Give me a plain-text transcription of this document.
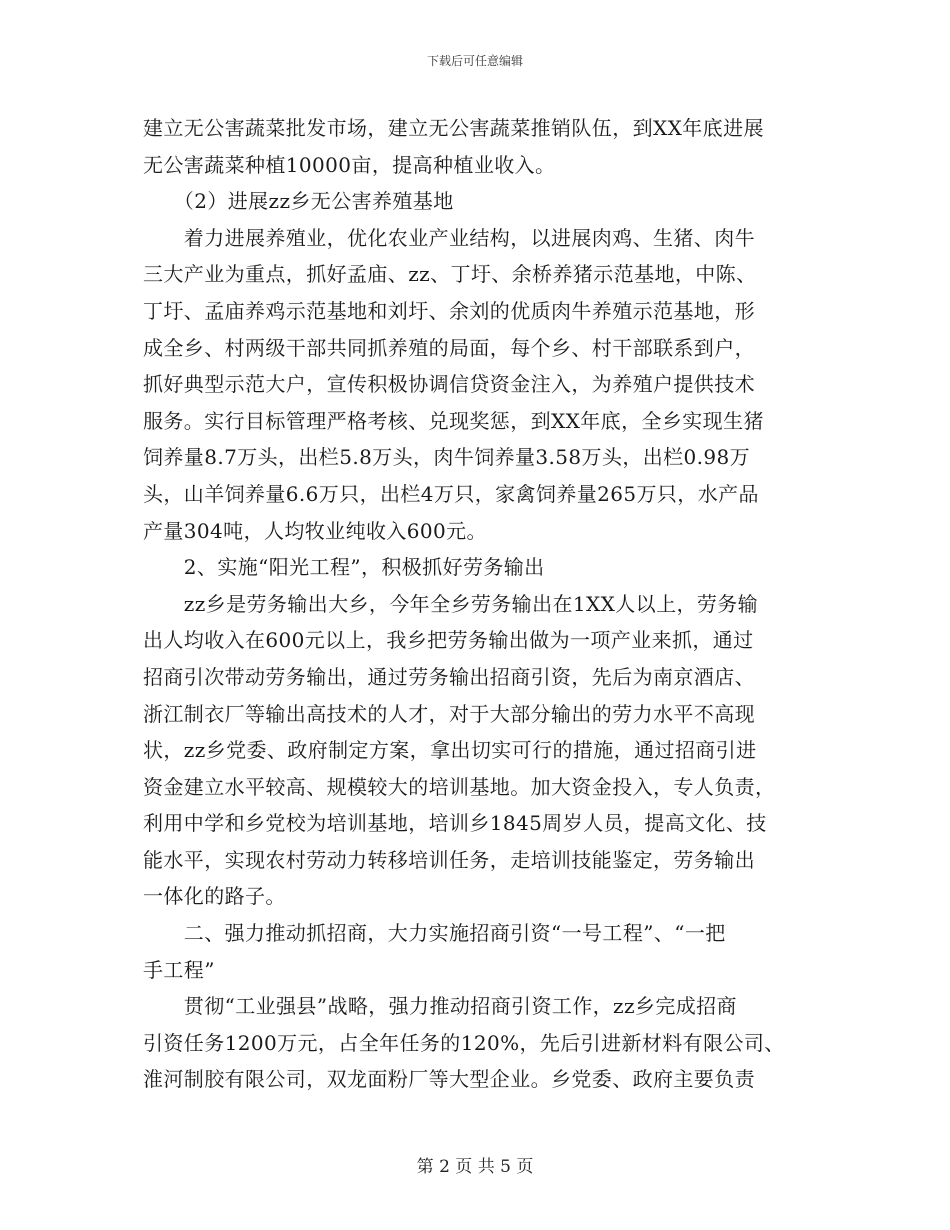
下载后可任意编辑

建立无公害蔬菜批发市场，建立无公害蔬菜推销队伍，到XX年底进展
无公害蔬菜种植10000亩，提高种植业收入。
　　（2）进展zz乡无公害养殖基地
　　着力进展养殖业，优化农业产业结构，以进展肉鸡、生猪、肉牛
三大产业为重点，抓好孟庙、zz、丁圩、余桥养猪示范基地，中陈、
丁圩、孟庙养鸡示范基地和刘圩、余刘的优质肉牛养殖示范基地，形
成全乡、村两级干部共同抓养殖的局面，每个乡、村干部联系到户，
抓好典型示范大户，宣传积极协调信贷资金注入，为养殖户提供技术
服务。实行目标管理严格考核、兑现奖惩，到XX年底，全乡实现生猪
饲养量8.7万头，出栏5.8万头，肉牛饲养量3.58万头，出栏0.98万
头，山羊饲养量6.6万只，出栏4万只，家禽饲养量265万只，水产品
产量304吨，人均牧业纯收入600元。
　　2、实施“阳光工程”，积极抓好劳务输出
　　zz乡是劳务输出大乡，今年全乡劳务输出在1XX人以上，劳务输
出人均收入在600元以上，我乡把劳务输出做为一项产业来抓，通过
招商引次带动劳务输出，通过劳务输出招商引资，先后为南京酒店、
浙江制衣厂等输出高技术的人才，对于大部分输出的劳力水平不高现
状，zz乡党委、政府制定方案，拿出切实可行的措施，通过招商引进
资金建立水平较高、规模较大的培训基地。加大资金投入，专人负责，
利用中学和乡党校为培训基地，培训乡1845周岁人员，提高文化、技
能水平，实现农村劳动力转移培训任务，走培训技能鉴定，劳务输出
一体化的路子。
　　二、强力推动抓招商，大力实施招商引资“一号工程”、“一把
手工程”
　　贯彻“工业强县”战略，强力推动招商引资工作，zz乡完成招商
引资任务1200万元，占全年任务的120%，先后引进新材料有限公司、
淮河制胶有限公司，双龙面粉厂等大型企业。乡党委、政府主要负责

第 2 页 共 5 页
